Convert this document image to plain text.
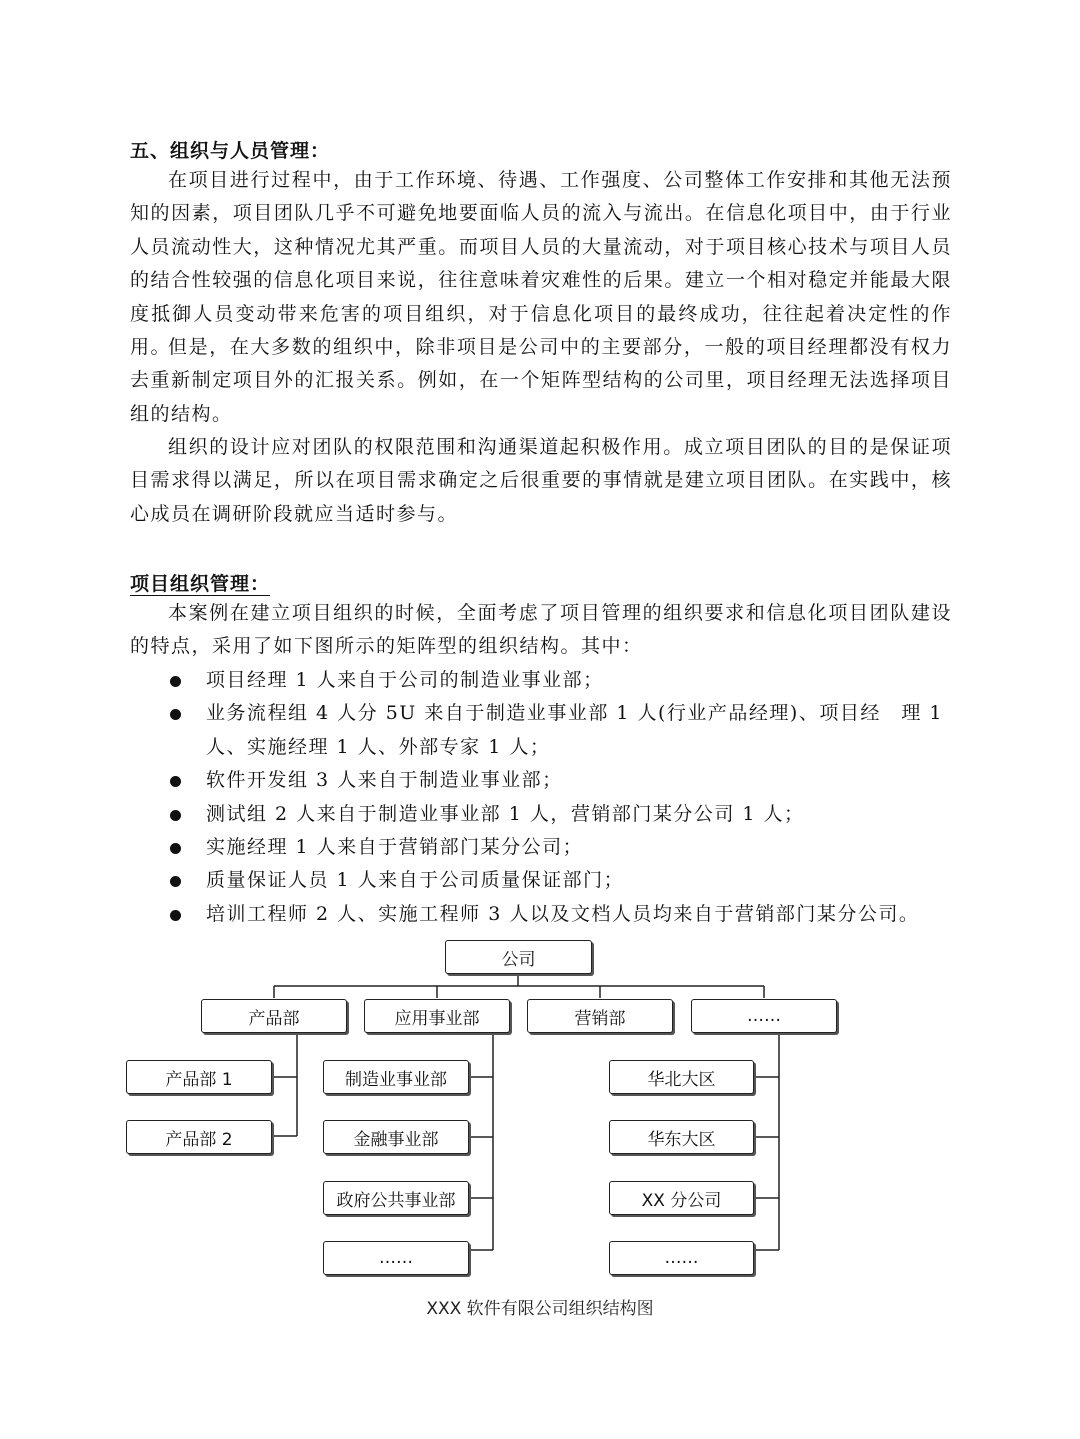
五、组织与人员管理：

在项目进行过程中，由于工作环境、待遇、工作强度、公司整体工作安排和其他无法预知的因素，项目团队几乎不可避免地要面临人员的流入与流出。在信息化项目中，由于行业人员流动性大，这种情况尤其严重。而项目人员的大量流动，对于项目核心技术与项目人员的结合性较强的信息化项目来说，往往意味着灾难性的后果。建立一个相对稳定并能最大限度抵御人员变动带来危害的项目组织，对于信息化项目的最终成功，往往起着决定性的作用。

但是，在大多数的组织中，除非项目是公司中的主要部分，一般的项目经理都没有权力去重新制定项目外的汇报关系。例如，在一个矩阵型结构的公司里，项目经理无法选择项目组的结构。

组织的设计应对团队的权限范围和沟通渠道起积极作用。成立项目团队的目的是保证项目需求得以满足，所以在项目需求确定之后很重要的事情就是建立项目团队。在实践中，核心成员在调研阶段就应当适时参与。

项目组织管理：

本案例在建立项目组织的时候，全面考虑了项目管理的组织要求和信息化项目团队建设的特点，采用了如下图所示的矩阵型的组织结构。其中：

项目经理 1 人来自于公司的制造业事业部；
业务流程组 4 人分 5U 来自于制造业事业部 1 人(行业产品经理)、项目经　理 1 人、实施经理 1 人、外部专家 1 人；
软件开发组 3 人来自于制造业事业部；
测试组 2 人来自于制造业事业部 1 人，营销部门某分公司 1 人；
实施经理 1 人来自于营销部门某分公司；
质量保证人员 1 人来自于公司质量保证部门；
培训工程师 2 人、实施工程师 3 人以及文档人员均来自于营销部门某分公司。
公司
产品部	应用事业部	营销部	……
产品部 1
产品部 2
制造业事业部
金融事业部
政府公共事业部
……
华北大区
华东大区
XX 分公司
……
XXX 软件有限公司组织结构图
